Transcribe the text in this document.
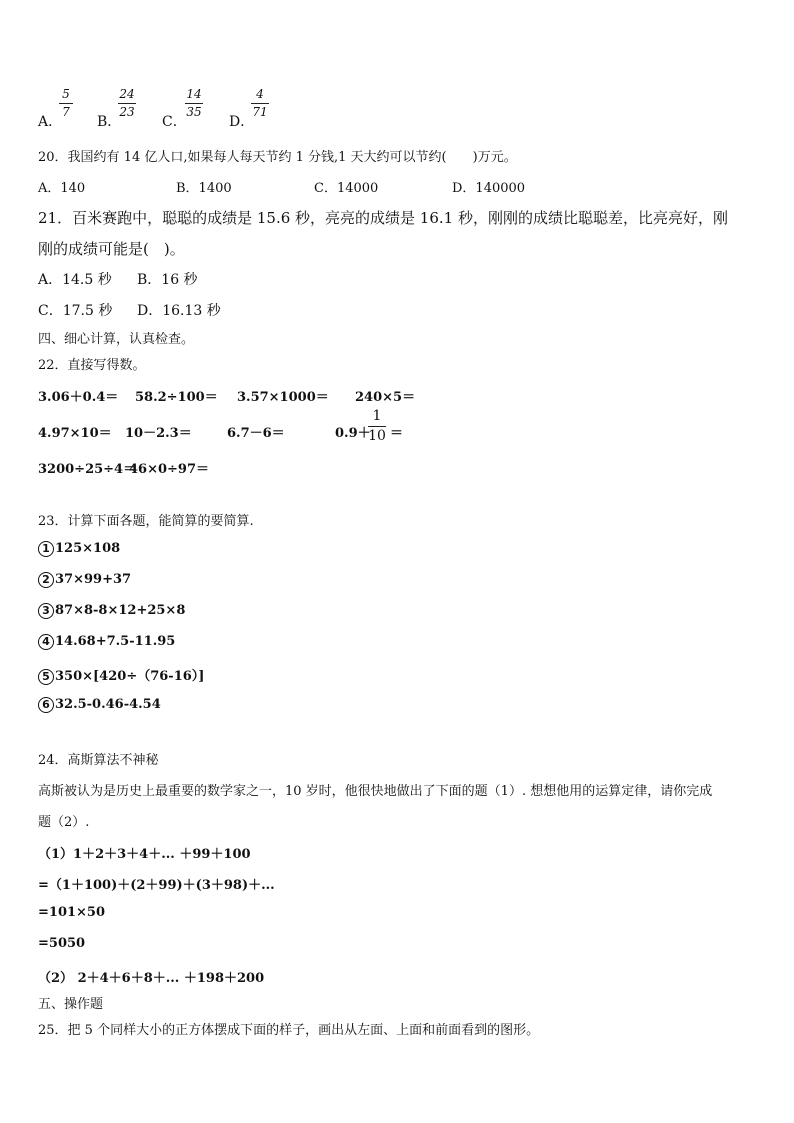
A．
5
7
B．
24
23
C．
14
35
D．
4
71
20．我国约有 14 亿人口,如果每人每天节约 1 分钱,1 天大约可以节约(　　)万元。
A．140	B．1400	C．14000	D．140000
21．百米赛跑中，聪聪的成绩是 15.6 秒，亮亮的成绩是 16.1 秒，刚刚的成绩比聪聪差，比亮亮好，刚
刚的成绩可能是(　)。
A．14.5 秒 B．16 秒
C．17.5 秒 D．16.13 秒
四、细心计算，认真检查。
22．直接写得数。
3.06＋0.4＝ 58.2÷100＝ 3.57×1000＝ 240×5＝
4.97×10＝ 10－2.3＝	6.7－6＝	0.9＋
1
10 ＝
3200÷25÷4＝
46×0÷97＝
23．计算下面各题，能简算的要简算.
1 125×108
2 37×99+37
3 87×8-8×12+25×8
4 14.68+7.5-11.95
5 350×[420÷（76-16）]
6 32.5-0.46-4.54
24．高斯算法不神秘
高斯被认为是历史上最重要的数学家之一，10 岁时，他很快地做出了下面的题（1）. 想想他用的运算定律，请你完成
题（2）.
（1）1＋2＋3＋4＋... ＋99＋100
=（1＋100)＋(2＋99)＋(3＋98)＋...
=101×50
=5050
（2） 2＋4＋6＋8＋... ＋198＋200
五、操作题
25．把 5 个同样大小的正方体摆成下面的样子，画出从左面、上面和前面看到的图形。
